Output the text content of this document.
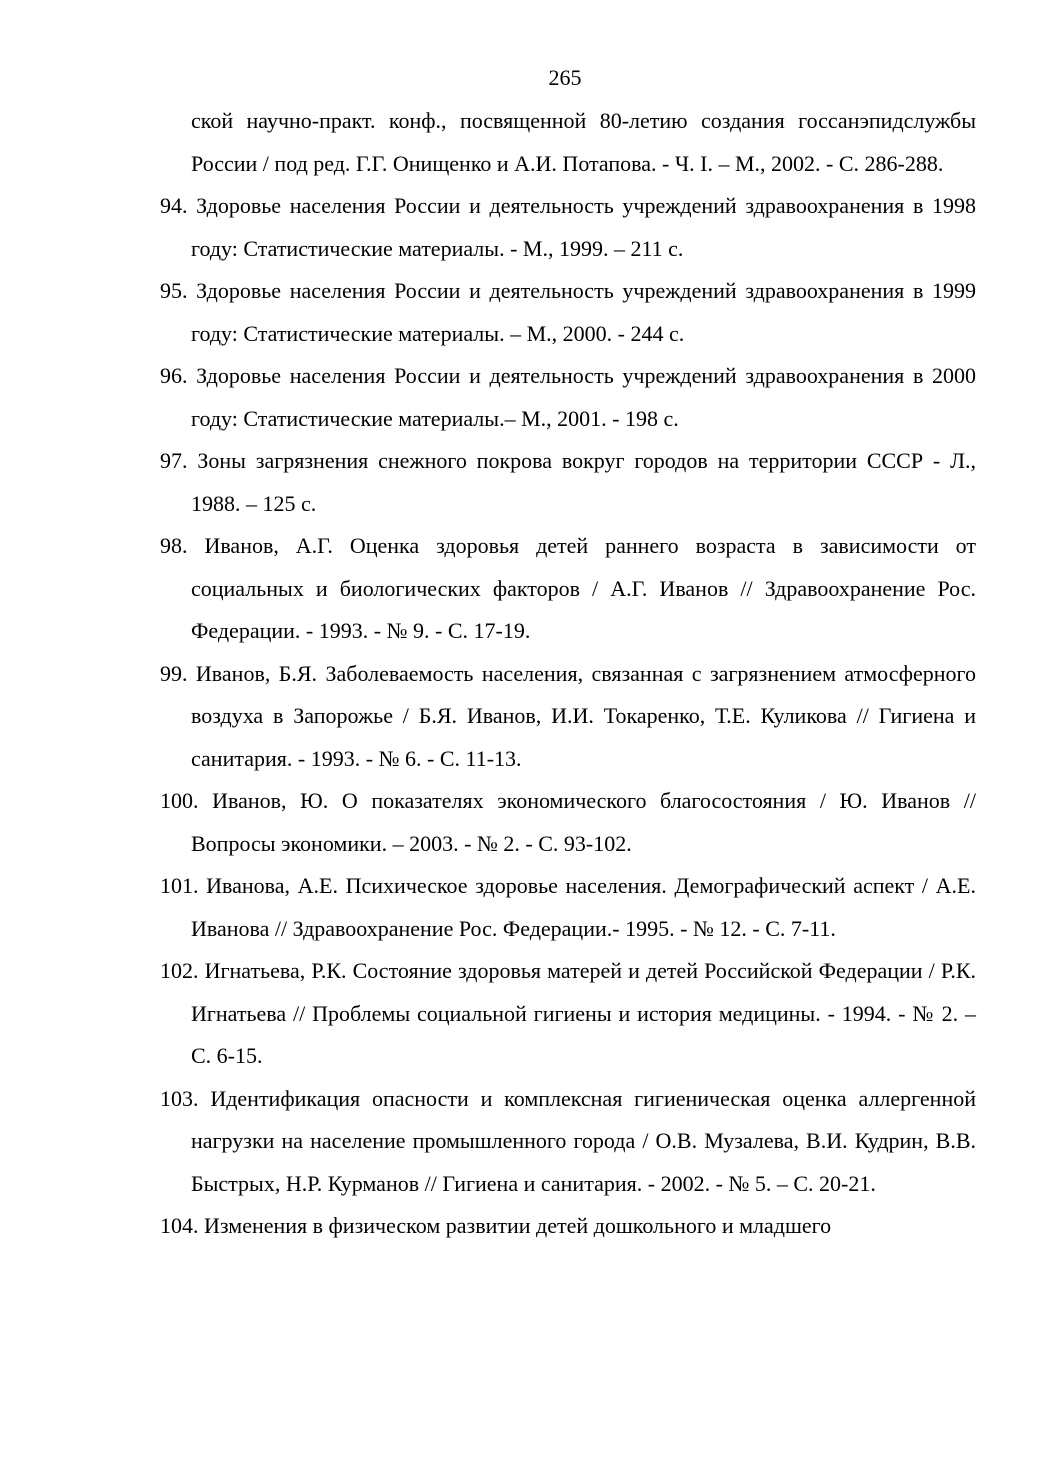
265

ской научно-практ. конф., посвященной 80-летию создания госсанэпидслужбы России / под ред. Г.Г. Онищенко и А.И. Потапова. - Ч. I. – М., 2002. - С. 286-288.

94. Здоровье населения России и деятельность учреждений здравоохранения в 1998 году: Статистические материалы. - М., 1999. – 211 с.
95. Здоровье населения России и деятельность учреждений здравоохранения в 1999 году: Статистические материалы. – М., 2000. - 244 с.
96. Здоровье населения России и деятельность учреждений здравоохранения в 2000 году: Статистические материалы.– М., 2001. - 198 с.
97. Зоны загрязнения снежного покрова вокруг городов на территории СССР - Л., 1988. – 125 с.
98. Иванов, А.Г. Оценка здоровья детей раннего возраста в зависимости от социальных и биологических факторов / А.Г. Иванов // Здравоохранение Рос. Федерации. - 1993. - № 9. - С. 17-19.
99. Иванов, Б.Я. Заболеваемость населения, связанная с загрязнением атмосферного воздуха в Запорожье / Б.Я. Иванов, И.И. Токаренко, Т.Е. Куликова // Гигиена и санитария. - 1993. - № 6. - С. 11-13.
100. Иванов, Ю. О показателях экономического благосостояния / Ю. Иванов // Вопросы экономики. – 2003. - № 2. - С. 93-102.
101. Иванова, А.Е. Психическое здоровье населения. Демографический аспект / А.Е. Иванова // Здравоохранение Рос. Федерации.- 1995. - № 12. - С. 7-11.
102. Игнатьева, Р.К. Состояние здоровья матерей и детей Российской Федерации / Р.К. Игнатьева // Проблемы социальной гигиены и история медицины. - 1994. - № 2. – С. 6-15.
103. Идентификация опасности и комплексная гигиеническая оценка аллергенной нагрузки на население промышленного города / О.В. Музалева, В.И. Кудрин, В.В. Быстрых, Н.Р. Курманов // Гигиена и санитария. - 2002. - № 5. – С. 20-21.
104. Изменения в физическом развитии детей дошкольного и младшего
